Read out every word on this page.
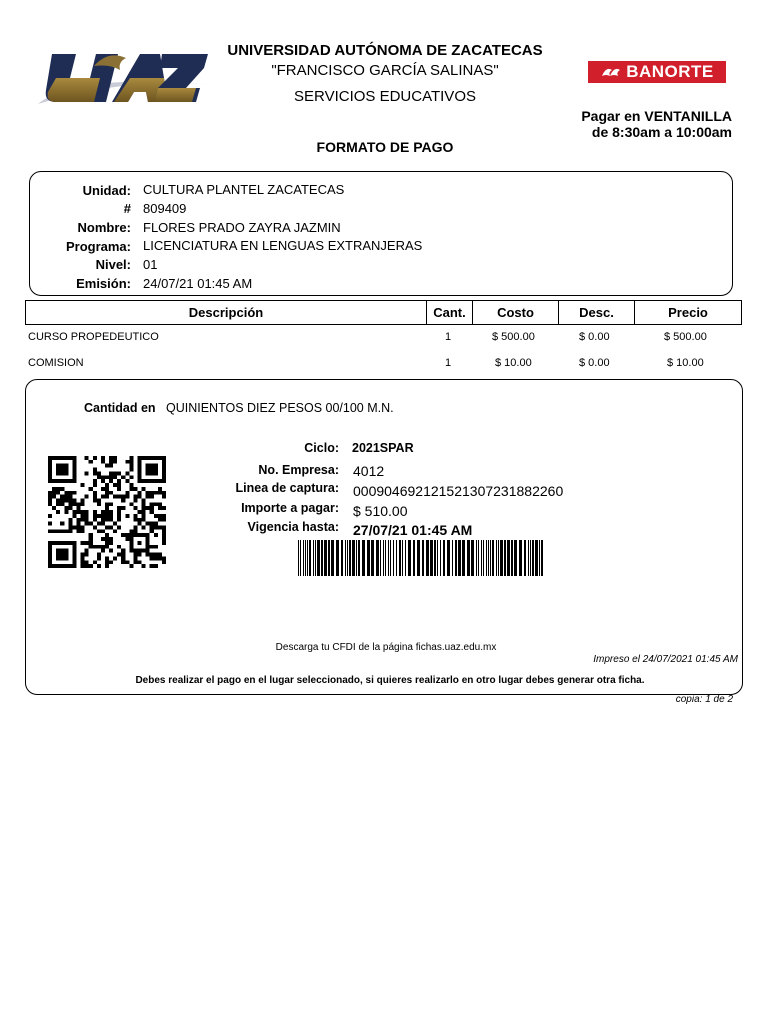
UNIVERSIDAD AUTÓNOMA DE ZACATECAS
"FRANCISCO GARCÍA SALINAS"
SERVICIOS EDUCATIVOS
FORMATO DE PAGO
BANORTE
Pagar en VENTANILLA
de 8:30am a 10:00am
Unidad: CULTURA PLANTEL ZACATECAS
# 809409
Nombre: FLORES PRADO ZAYRA JAZMIN
Programa: LICENCIATURA EN LENGUAS EXTRANJERAS
Nivel: 01
Emisión: 24/07/21 01:45 AM
Descripción	Cant.	Costo	Desc.	Precio
CURSO PROPEDEUTICO	1	$ 500.00	$ 0.00	$ 500.00
COMISION	1	$ 10.00	$ 0.00	$ 10.00
Cantidad en QUINIENTOS DIEZ PESOS 00/100 M.N.
Ciclo: 2021SPAR
No. Empresa: 4012
Linea de captura: 000904692121521307231882260
Importe a pagar: $ 510.00
Vigencia hasta: 27/07/21 01:45 AM
Descarga tu CFDI de la página fichas.uaz.edu.mx
Impreso el 24/07/2021 01:45 AM
Debes realizar el pago en el lugar seleccionado, si quieres realizarlo en otro lugar debes generar otra ficha.
copia: 1 de 2
